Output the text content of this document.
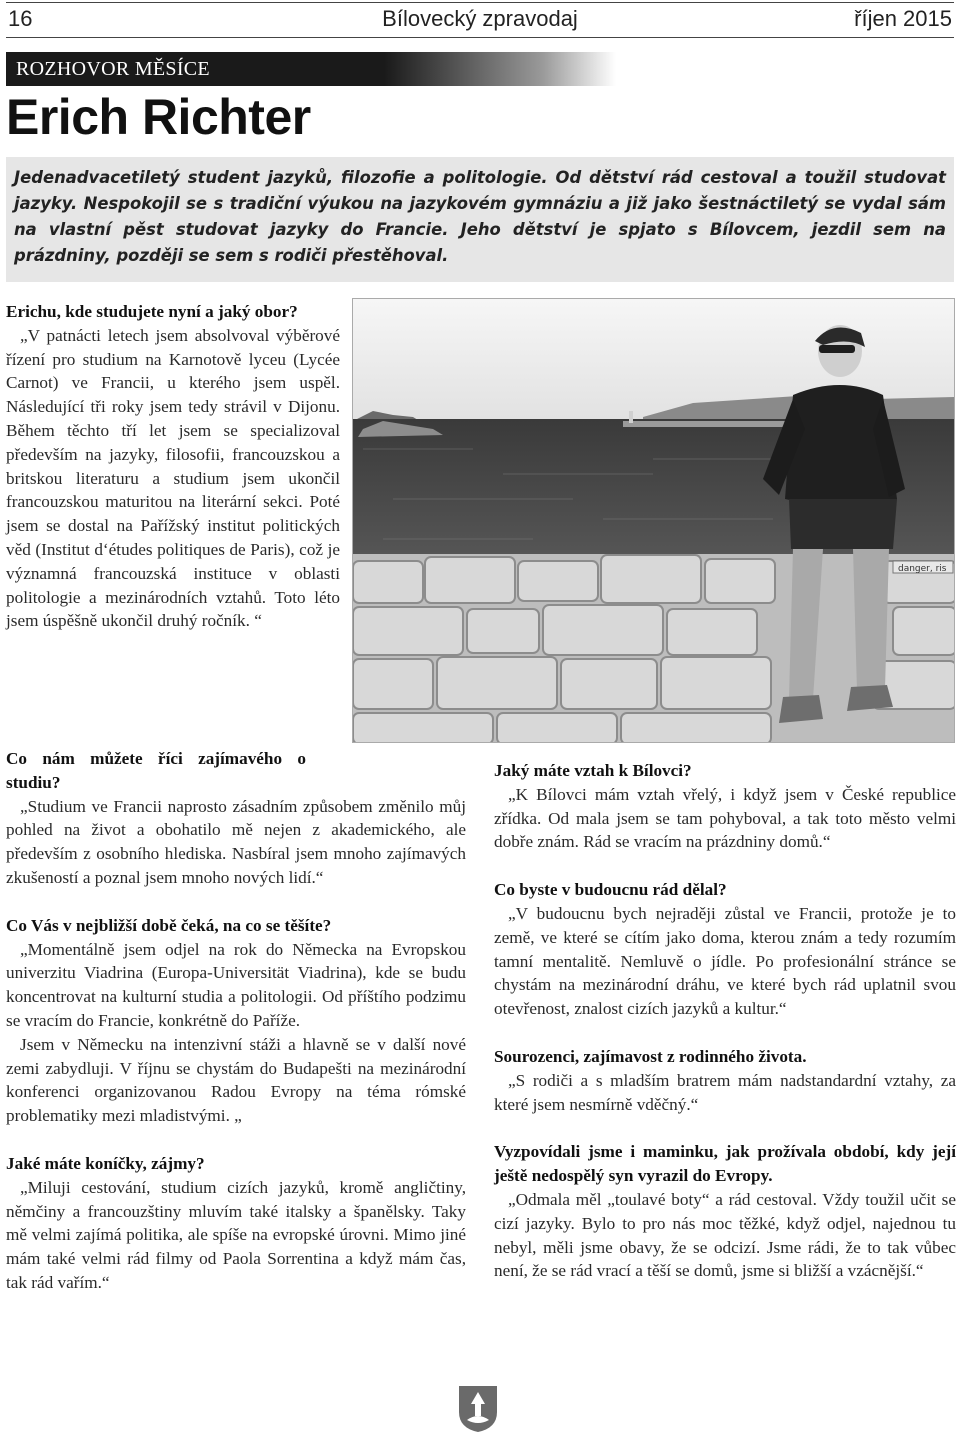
16	Bílovecký zpravodaj	říjen 2015
ROZHOVOR MĚSÍCE
Erich Richter

Jedenadvacetiletý student jazyků, filozofie a politologie. Od dětství rád cestoval a toužil studovat jazyky. Nespokojil se s tradiční výukou na jazykovém gymnáziu a již jako šestnáctiletý se vydal sám na vlastní pěst studovat jazyky do Francie. Jeho dětství je spjato s Bílovcem, jezdil sem na prázdniny, později se sem s rodiči přestěhoval.

Erichu, kde studujete nyní a jaký obor?

„V patnácti letech jsem absolvoval výběrové řízení pro studium na Karnotově lyceu (Lycée Carnot) ve Francii, u kterého jsem uspěl. Následující tři roky jsem tedy strávil v Dijonu. Během těchto tří let jsem se specializoval především na jazyky, filosofii, francouzskou a britskou literaturu a studium jsem ukončil francouzskou maturitou na literární sekci. Poté jsem se dostal na Pařížský institut politických věd (Institut d‘études politiques de Paris), což je významná francouzská instituce v oblasti politologie a mezinárodních vztahů. Toto léto jsem úspěšně ukončil druhý ročník. “

danger, ris

Co nám můžete říci zajímavého o studiu?

„Studium ve Francii naprosto zásadním způsobem změnilo můj pohled na život a obohatilo mě nejen z akademického, ale především z osobního hlediska. Nasbíral jsem mnoho zajímavých zkušeností a poznal jsem mnoho nových lidí.“

Co Vás v nejbližší době čeká, na co se těšíte?

„Momentálně jsem odjel na rok do Německa na Evropskou univerzitu Viadrina (Europa-Universität Viadrina), kde se budu koncentrovat na kulturní studia a politologii. Od příštího podzimu se vracím do Francie, konkrétně do Paříže.

Jsem v Německu na intenzivní stáži a hlavně se v další nové zemi zabydluji. V říjnu se chystám do Budapešti na mezinárodní konferenci organizovanou Radou Evropy na téma rómské problematiky mezi mladistvými. „

Jaké máte koníčky, zájmy?

„Miluji cestování, studium cizích jazyků, kromě angličtiny, němčiny a francouzštiny mluvím také italsky a španělsky. Taky mě velmi zajímá politika, ale spíše na evropské úrovni. Mimo jiné mám také velmi rád filmy od Paola Sorrentina a když mám čas, tak rád vařím.“

Jaký máte vztah k Bílovci?

„K Bílovci mám vztah vřelý, i když jsem v České republice zřídka. Od mala jsem se tam pohyboval, a tak toto město velmi dobře znám. Rád se vracím na prázdniny domů.“

Co byste v budoucnu rád dělal?

„V budoucnu bych nejraději zůstal ve Francii, protože je to země, ve které se cítím jako doma, kterou znám a tedy rozumím tamní mentalitě. Nemluvě o jídle. Po profesionální stránce se chystám na mezinárodní dráhu, ve které bych rád uplatnil svou otevřenost, znalost cizích jazyků a kultur.“

Sourozenci, zajímavost z rodinného života.

„S rodiči a s mladším bratrem mám nadstandardní vztahy, za které jsem nesmírně vděčný.“

Vyzpovídali jsme i maminku, jak prožívala období, kdy její ještě nedospělý syn vyrazil do Evropy.

„Odmala měl „toulavé boty“ a rád cestoval. Vždy toužil učit se cizí jazyky. Bylo to pro nás moc těžké, když odjel, najednou tu nebyl, měli jsme obavy, že se odcizí. Jsme rádi, že to tak vůbec není, že se rád vrací a těší se domů, jsme si bližší a vzácnější.“
